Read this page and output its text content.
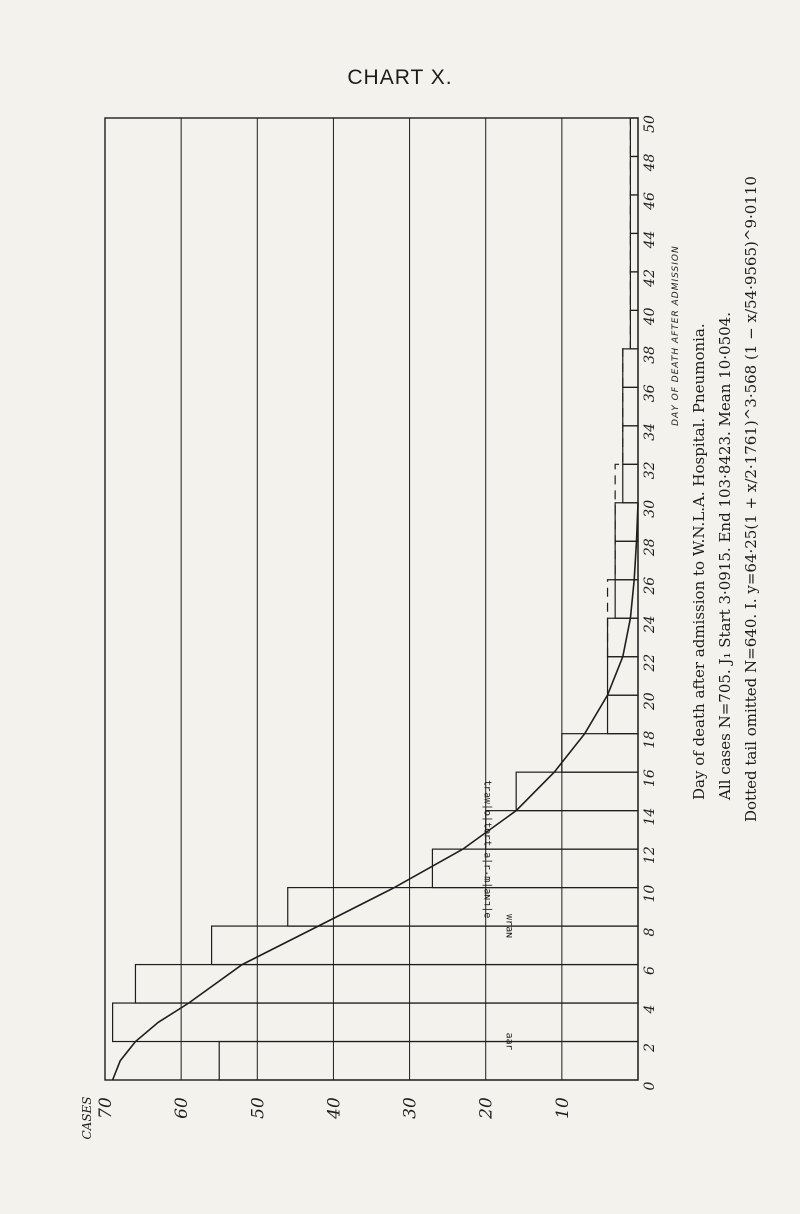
CHART X.
0
2
4
6
8
10
12
14
16
18
20
22
24
26
28
30
32
34
36
38
40
42
44
46
48
50
DAY OF DEATH AFTER ADMISSION
10
20
30
40
50
60
70
CASES
ə|ʟɴɐ|ɯ·ɹ|ɐ|ʇɹoʇ|o|ʍɐɹʇ
ɴɐɹʍ
ɹɐɐ
Day of death after admission to W.N.L.A. Hospital. Pneumonia. All cases N=705. J₁ Start 3·0915. End 103·8423. Mean 10·0504. Dotted tail omitted N=640. I. y=64·25(1 + x/2·1761)^3·568 (1 − x/54·9565)^9·0110
